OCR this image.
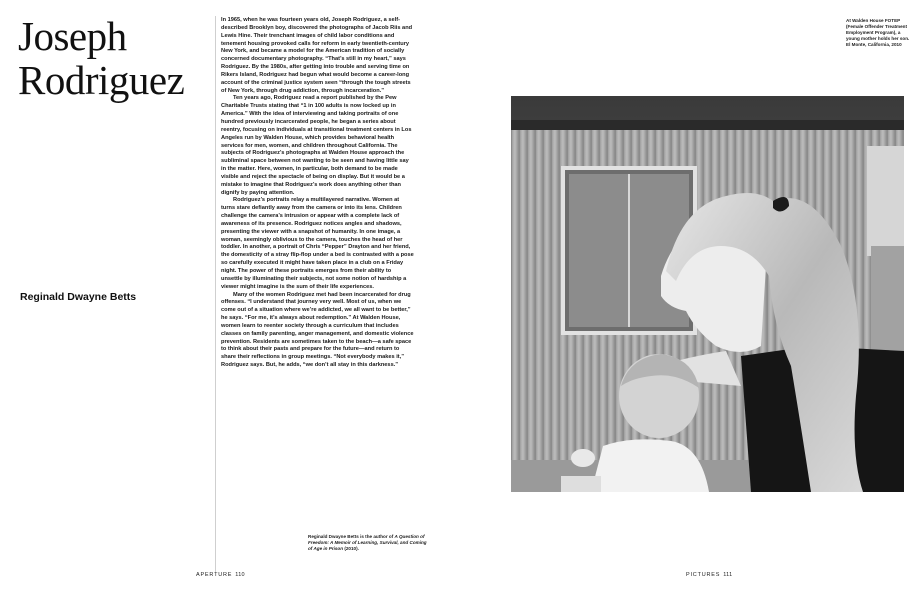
Joseph
Rodriguez
Reginald Dwayne Betts

In 1965, when he was fourteen years old, Joseph Rodriguez, a self-described Brooklyn boy, discovered the photographs of Jacob Riis and Lewis Hine. Their trenchant images of child labor conditions and tenement housing provoked calls for reform in early twentieth-century New York, and became a model for the American tradition of socially concerned documentary photography. “That’s still in my heart,” says Rodriguez. By the 1980s, after getting into trouble and serving time on Rikers Island, Rodriguez had begun what would become a career-long account of the criminal justice system seen “through the tough streets of New York, through drug addiction, through incarceration.”

Ten years ago, Rodriguez read a report published by the Pew Charitable Trusts stating that “1 in 100 adults is now locked up in America.” With the idea of interviewing and taking portraits of one hundred previously incarcerated people, he began a series about reentry, focusing on individuals at transitional treatment centers in Los Angeles run by Walden House, which provides behavioral health services for men, women, and children throughout California. The subjects of Rodriguez’s photographs at Walden House approach the subliminal space between not wanting to be seen and having little say in the matter. Here, women, in particular, both demand to be made visible and reject the spectacle of being on display. But it would be a mistake to imagine that Rodriguez’s work does anything other than dignify by paying attention.

Rodriguez’s portraits relay a multilayered narrative. Women at turns stare defiantly away from the camera or into its lens. Children challenge the camera’s intrusion or appear with a complete lack of awareness of its presence. Rodriguez notices angles and shadows, presenting the viewer with a snapshot of humanity. In one image, a woman, seemingly oblivious to the camera, touches the head of her toddler. In another, a portrait of Chris “Pepper” Drayton and her friend, the domesticity of a stray flip-flop under a bed is contrasted with a pose so carefully executed it might have taken place in a club on a Friday night. The power of these portraits emerges from their ability to unsettle by illuminating their subjects, not some notion of hardship a viewer might imagine is the sum of their life experiences.

Many of the women Rodriguez met had been incarcerated for drug offenses. “I understand that journey very well. Most of us, when we come out of a situation where we’re addicted, we all want to be better,” he says. “For me, it’s always about redemption.” At Walden House, women learn to reenter society through a curriculum that includes classes on family parenting, anger management, and domestic violence prevention. Residents are sometimes taken to the beach—a safe space to think about their pasts and prepare for the future—and return to share their reflections in group meetings. “Not everybody makes it,” Rodriguez says. But, he adds, “we don’t all stay in this darkness.”

Reginald Dwayne Betts is the author of A Question of Freedom: A Memoir of Learning, Survival, and Coming of Age in Prison (2010).
At Walden House FOTEP (Female Offender Treatment Employment Program), a young mother holds her son. El Monte, California, 2010
APERTURE 110	PICTURES 111
